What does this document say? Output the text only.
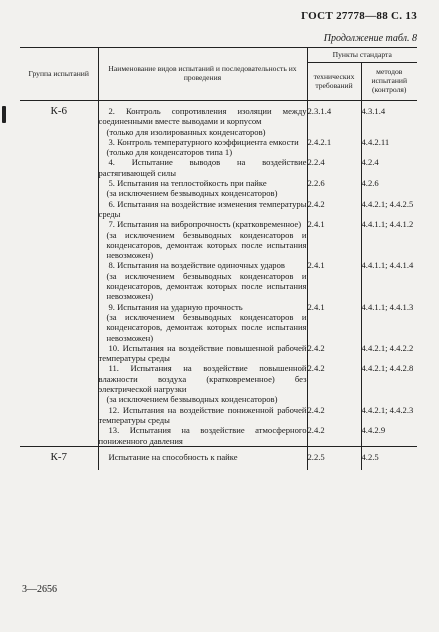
ГОСТ 27778—88 С. 13
Продолжение табл. 8
Группа испытаний	Наименование видов испытаний и последовательность их проведения	Пункты стандарта	
		технических требований	методов испытаний (контроля)
К-6	2. Контроль сопротивления изоляции между соединенными вместе выводами и корпусом
(только для изолированных конденсаторов)	2.3.1.4	4.3.1.4

	3. Контроль температурного коэффициента емкости
(только для конденсаторов типа 1)	2.4.2.1	4.4.2.11

	4. Испытание выводов на воздействие растягивающей силы	2.2.4	4.2.4

	5. Испытания на теплостойкость при пайке
(за исключением безвыводных конденсаторов)	2.2.6	4.2.6

	6. Испытания на воздействие изменения температуры среды	2.4.2	4.4.2.1; 4.4.2.5

	7. Испытания на вибропрочность (кратковременное)
(за исключением безвыводных конденсаторов и конденсаторов, демонтаж которых после испытания невозможен)	2.4.1	4.4.1.1; 4.4.1.2

	8. Испытания на воздействие одиночных ударов
(за исключением безвыводных конденсаторов и конденсаторов, демонтаж которых после испытания невозможен)	2.4.1	4.4.1.1; 4.4.1.4

	9. Испытания на ударную прочность
(за исключением безвыводных конденсаторов и конденсаторов, демонтаж которых после испытания невозможен)	2.4.1	4.4.1.1; 4.4.1.3

	10. Испытания на воздействие повышенной рабочей температуры среды	2.4.2	4.4.2.1; 4.4.2.2

	11. Испытания на воздействие повышенной влажности воздуха (кратковременное) без электрической нагрузки
(за исключением безвыводных конденсаторов)	2.4.2	4.4.2.1; 4.4.2.8

	12. Испытания на воздействие пониженной рабочей температуры среды	2.4.2	4.4.2.1; 4.4.2.3

	13. Испытания на воздействие атмосферного пониженного давления	2.4.2	4.4.2.9
К-7	Испытание на способность к пайке	2.2.5	4.2.5
3—2656
